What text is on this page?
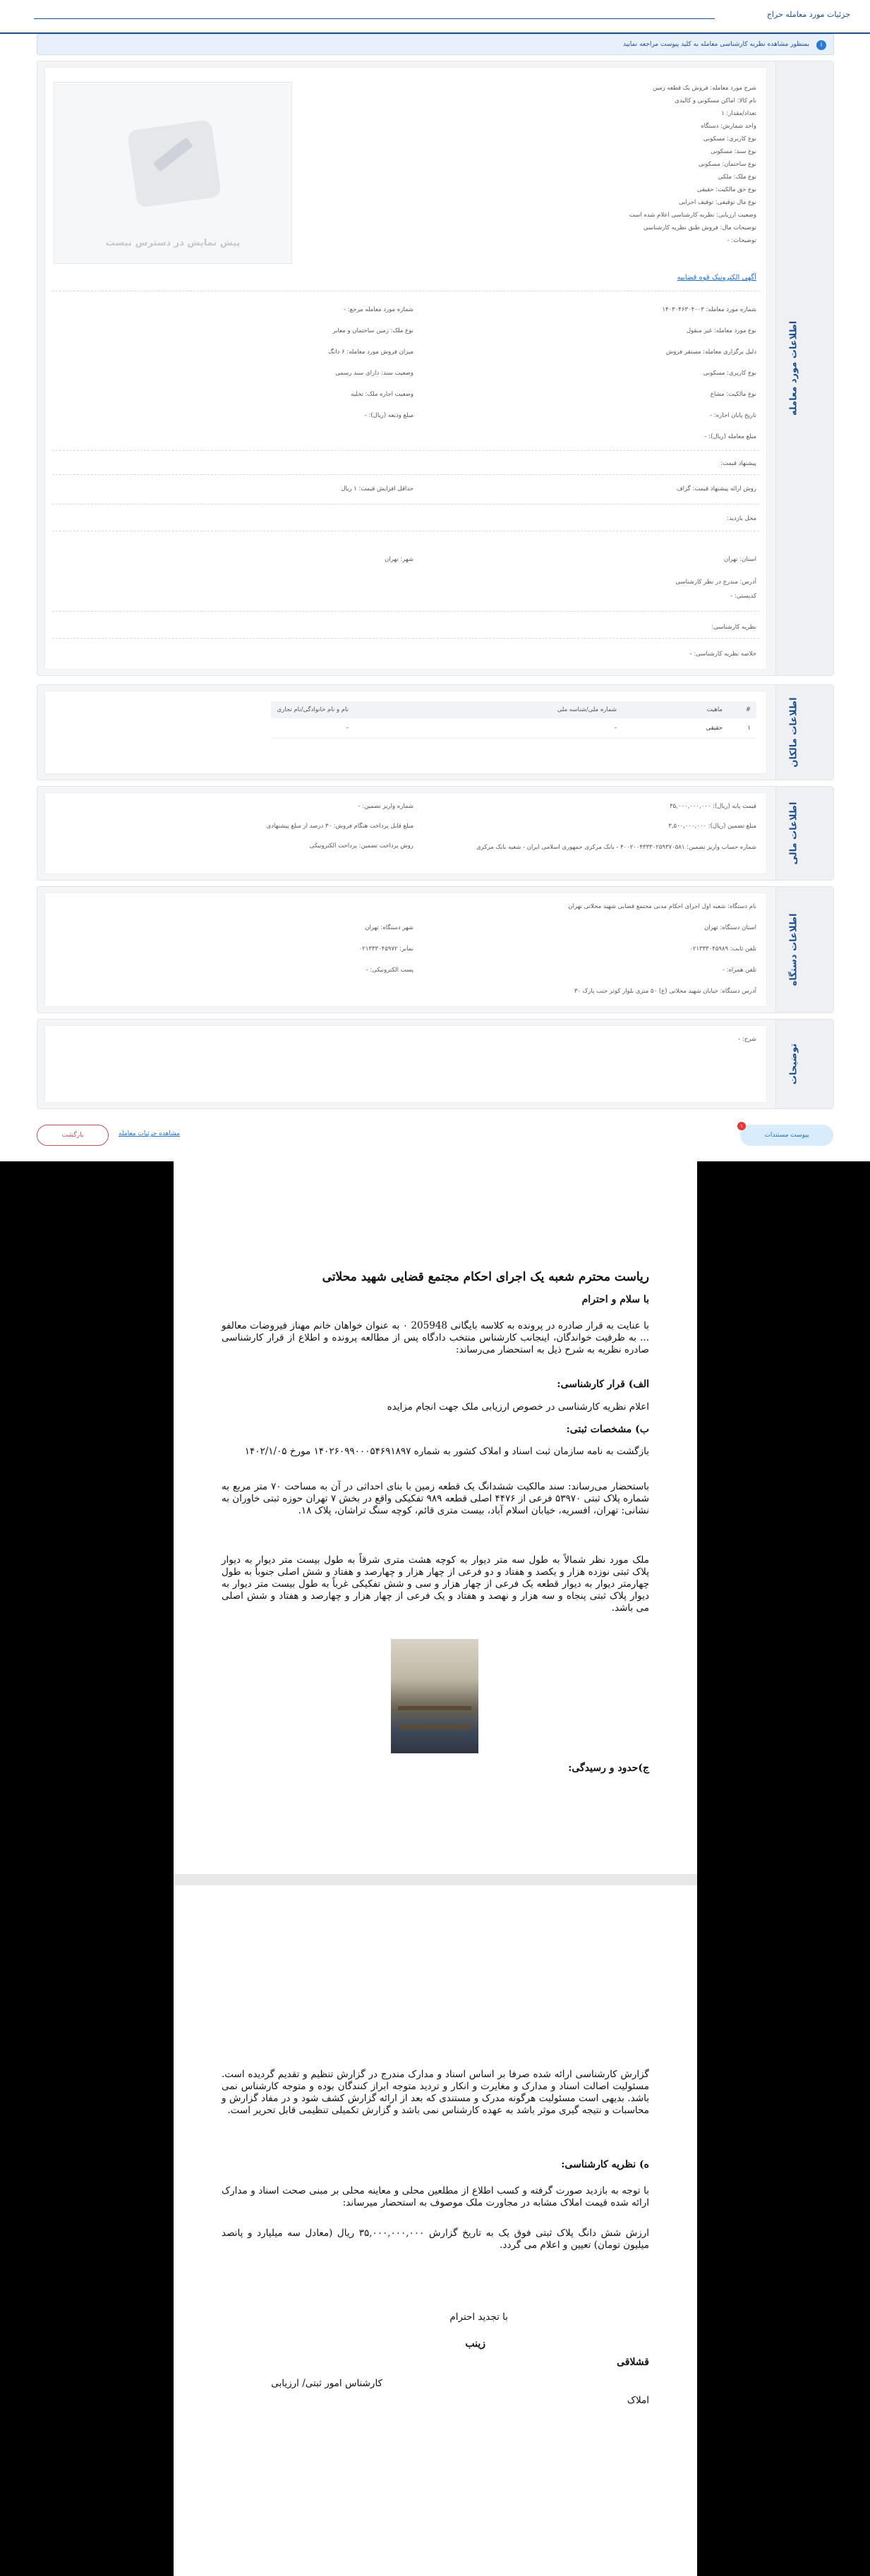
جزئیات مورد معامله حراج
i
بمنظور مشاهده نظریه کارشناسی معامله به کلید پیوست مراجعه نمایید
اطلاعات مورد معامله
پیش نمایش در دسترس نیست
شرح مورد معامله: فروش یک قطعه زمین
نام کالا: اماکن مسکونی و کالبدی
تعداد/مقدار: ۱
واحد شمارش: دستگاه
نوع کاربری: مسکونی
نوع سند: مسکونی
نوع ساختمان: مسکونی
نوع ملک: ملکی
نوع حق مالکیت: حقیقی
نوع مال توقیفی: توقیف اجرایی
وضعیت ارزیابی: نظریه کارشناسی اعلام شده است
توضیحات مال: فروش طبق نظریه کارشناسی
توضیحات: -
آگهی الکترونیک قوه قضاییه
شماره مورد معامله: ۱۴۰۳۰۴۶۳۰۴۰۰۳
نوع مورد معامله: غیر منقول
دلیل برگزاری معامله: مستقر فروش
نوع کاربری: مسکونی
نوع مالکیت: مشاع
تاریخ پایان اجاره: -
مبلغ معامله (ریال): -
شماره مورد معامله مرجع: -
نوع ملک: زمین ساختمان و معابر
میزان فروش مورد معامله: ۶ دانگ
وضعیت سند: دارای سند رسمی
وضعیت اجاره ملک: تخلیه
مبلغ ودیعه (ریال): -
پیشنهاد قیمت:
روش ارائه پیشنهاد قیمت: گزاف
حداقل افزایش قیمت: ۱ ریال
محل بازدید:
استان: تهران
شهر: تهران
آدرس: مندرج در نظر کارشناسی
کدپستی: -
نظریه کارشناسی:
خلاصه نظریه کارشناسی: -
اطلاعات مالکان
#	ماهیت	شماره ملی/شناسه ملی	نام و نام خانوادگی/نام تجاری
۱	حقیقی	-	-
اطلاعات مالی
قیمت پایه (ریال): ۳۵,۰۰۰,۰۰۰,۰۰۰
مبلغ تضمین (ریال): ۳,۵۰۰,۰۰۰,۰۰۰
شماره حساب واریز تضمین: ۴۰۰۲۰۰۴۳۳۳۰۲۵۹۳۷۰۵۸۱ - بانک مرکزی جمهوری اسلامی ایران - شعبه بانک مرکزی
شماره واریز تضمین: -
مبلغ قابل پرداخت هنگام فروش: ۳۰ درصد از مبلغ پیشنهادی
روش پرداخت تضمین: پرداخت الکترونیکی
اطلاعات دستگاه
نام دستگاه: شعبه اول اجرای احکام مدنی مجتمع قضایی شهید محلاتی تهران
استان دستگاه: تهران
شهر دستگاه: تهران
تلفن ثابت: ۰۲۱۳۳۳۰۴۵۹۸۹
نمابر: ۰۲۱۳۳۳۰۴۵۹۷۲
تلفن همراه: -
پست الکترونیکی: -
آدرس دستگاه: خیابان شهید محلاتی (ع) ۵۰ متری بلوار کوثر جنب پارک ۳۰
توضیحات
شرح: -
بازگشت	مشاهده جزئیات معامله	پیوست مستندات
۱
ریاست محترم شعبه یک اجرای احکام مجتمع قضایی شهید محلاتی
با سلام و احترام

با عنایت به قرار صادره در پرونده به کلاسه بایگانی 205948 ۰ به عنوان خواهان خانم مهناز فیروضات معالفو ... به ظرفیت خواندگان، اینجانب کارشناس منتخب دادگاه پس از مطالعه پرونده و اطلاع از قرار کارشناسی صادره نظریه به شرح ذیل به استحضار می‌رساند:

الف) قرار کارشناسی:

اعلام نظریه کارشناسی در خصوص ارزیابی ملک جهت انجام مزایده

ب) مشخصات ثبتی:

بازگشت به نامه سازمان ثبت اسناد و املاک کشور به شماره ۱۴۰۲۶۰۹۹۰۰۰۵۴۶۹۱۸۹۷ مورخ ۱۴۰۲/۱/۰۵

باستحضار می‌رساند: سند مالکیت ششدانگ یک قطعه زمین با بنای احداثی در آن به مساحت ۷۰ متر مربع به شماره پلاک ثبتی ۵۳۹۷۰ فرعی از ۴۴۷۶ اصلی قطعه ۹۸۹ تفکیکی واقع در بخش ۷ تهران حوزه ثبتی خاوران به نشانی: تهران، افسریه، خیابان اسلام آباد، بیست متری قائم، کوچه سنگ تراشان، پلاک ۱۸.

ملک مورد نظر شمالاً به طول سه متر دیوار به کوچه هشت متری شرقاً به طول بیست متر دیوار به دیوار پلاک ثبتی نوزده هزار و یکصد و هفتاد و دو فرعی از چهار هزار و چهارصد و هفتاد و شش اصلی جنوباً به طول چهارمتر دیوار به دیوار قطعه یک فرعی از چهار هزار و سی و شش تفکیکی غرباً به طول بیست متر دیوار به دیوار پلاک ثبتی پنجاه و سه هزار و نهصد و هفتاد و یک فرعی از چهار هزار و چهارصد و هفتاد و شش اصلی می باشد.

ج)حدود و رسیدگی:

گزارش کارشناسی ارائه شده صرفا بر اساس اسناد و مدارک مندرج در گزارش تنظیم و تقدیم گردیده است. مسئولیت اصالت اسناد و مدارک و مغایرت و انکار و تردید متوجه ابراز کنندگان بوده و متوجه کارشناس نمی باشد. بدیهی است مسئولیت هرگونه مدرک و مستندی که بعد از ارائه گزارش کشف شود و در مفاد گزارش و محاسبات و نتیجه گیری موثر باشد به عهده کارشناس نمی باشد و گزارش تکمیلی تنظیمی قابل تحریر است.

ه) نظریه کارشناسی:

با توجه به بازدید صورت گرفته و کسب اطلاع از مطلعین محلی و معاینه محلی بر مبنی صحت اسناد و مدارک ارائه شده قیمت املاک مشابه در مجاورت ملک موصوف به استحضار میرساند:

ارزش شش دانگ پلاک ثبتی فوق یک به تاریخ گزارش ۳۵,۰۰۰,۰۰۰,۰۰۰ ریال (معادل سه میلیارد و پانصد میلیون تومان) تعیین و اعلام می گردد.

با تجدید احترام

زینب
قشلاقی

کارشناس امور ثبتی/ ارزیابی

املاک
